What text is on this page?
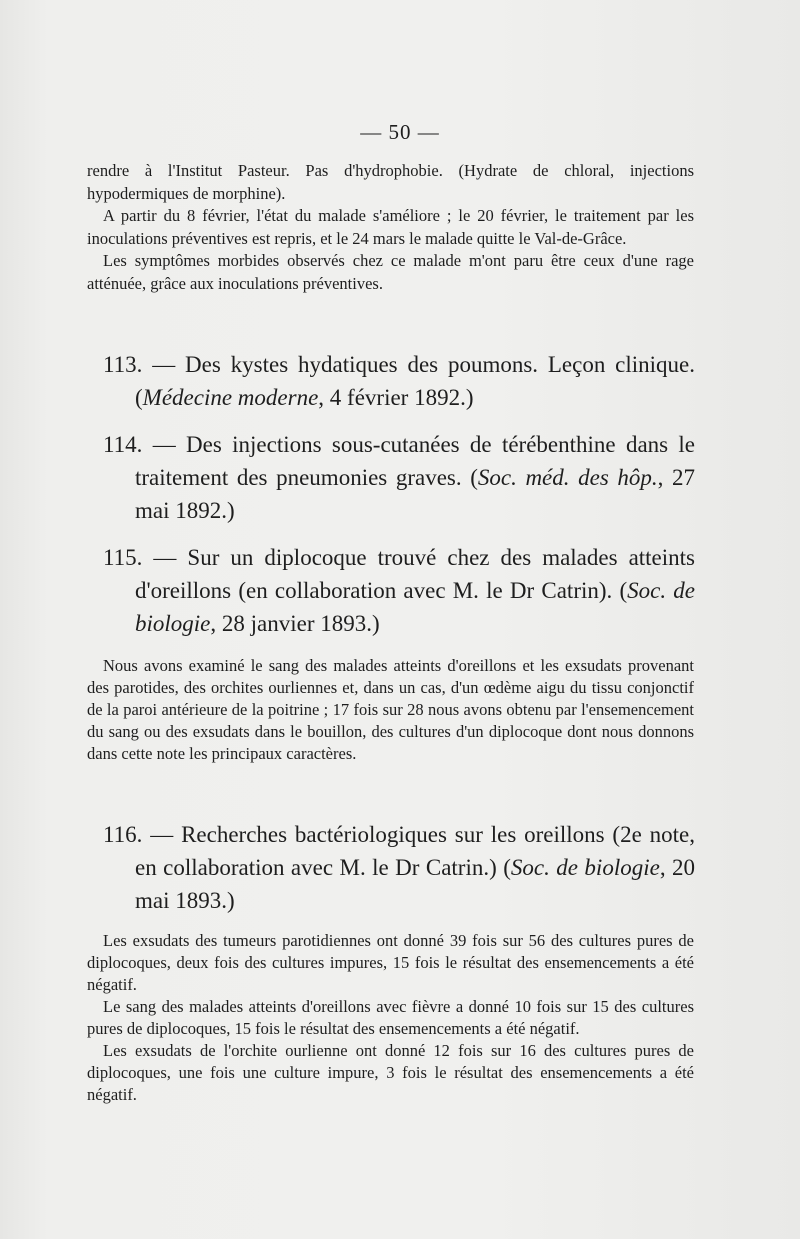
— 50 —

rendre à l'Institut Pasteur. Pas d'hydrophobie. (Hydrate de chloral, injections hypodermiques de morphine).

A partir du 8 février, l'état du malade s'améliore ; le 20 février, le traitement par les inoculations préventives est repris, et le 24 mars le malade quitte le Val-de-Grâce.

Les symptômes morbides observés chez ce malade m'ont paru être ceux d'une rage atténuée, grâce aux inoculations préventives.

113. — Des kystes hydatiques des poumons. Leçon clinique. (Médecine moderne, 4 février 1892.)
114. — Des injections sous-cutanées de térébenthine dans le traitement des pneumonies graves. (Soc. méd. des hôp., 27 mai 1892.)
115. — Sur un diplocoque trouvé chez des malades atteints d'oreillons (en collaboration avec M. le Dr Catrin). (Soc. de biologie, 28 janvier 1893.)

Nous avons examiné le sang des malades atteints d'oreillons et les exsudats provenant des parotides, des orchites ourliennes et, dans un cas, d'un œdème aigu du tissu conjonctif de la paroi antérieure de la poitrine ; 17 fois sur 28 nous avons obtenu par l'ensemencement du sang ou des exsudats dans le bouillon, des cultures d'un diplocoque dont nous donnons dans cette note les principaux caractères.

116. — Recherches bactériologiques sur les oreillons (2e note, en collaboration avec M. le Dr Catrin.) (Soc. de biologie, 20 mai 1893.)

Les exsudats des tumeurs parotidiennes ont donné 39 fois sur 56 des cultures pures de diplocoques, deux fois des cultures impures, 15 fois le résultat des ensemencements a été négatif.

Le sang des malades atteints d'oreillons avec fièvre a donné 10 fois sur 15 des cultures pures de diplocoques, 15 fois le résultat des ensemencements a été négatif.

Les exsudats de l'orchite ourlienne ont donné 12 fois sur 16 des cultures pures de diplocoques, une fois une culture impure, 3 fois le résultat des ensemencements a été négatif.
